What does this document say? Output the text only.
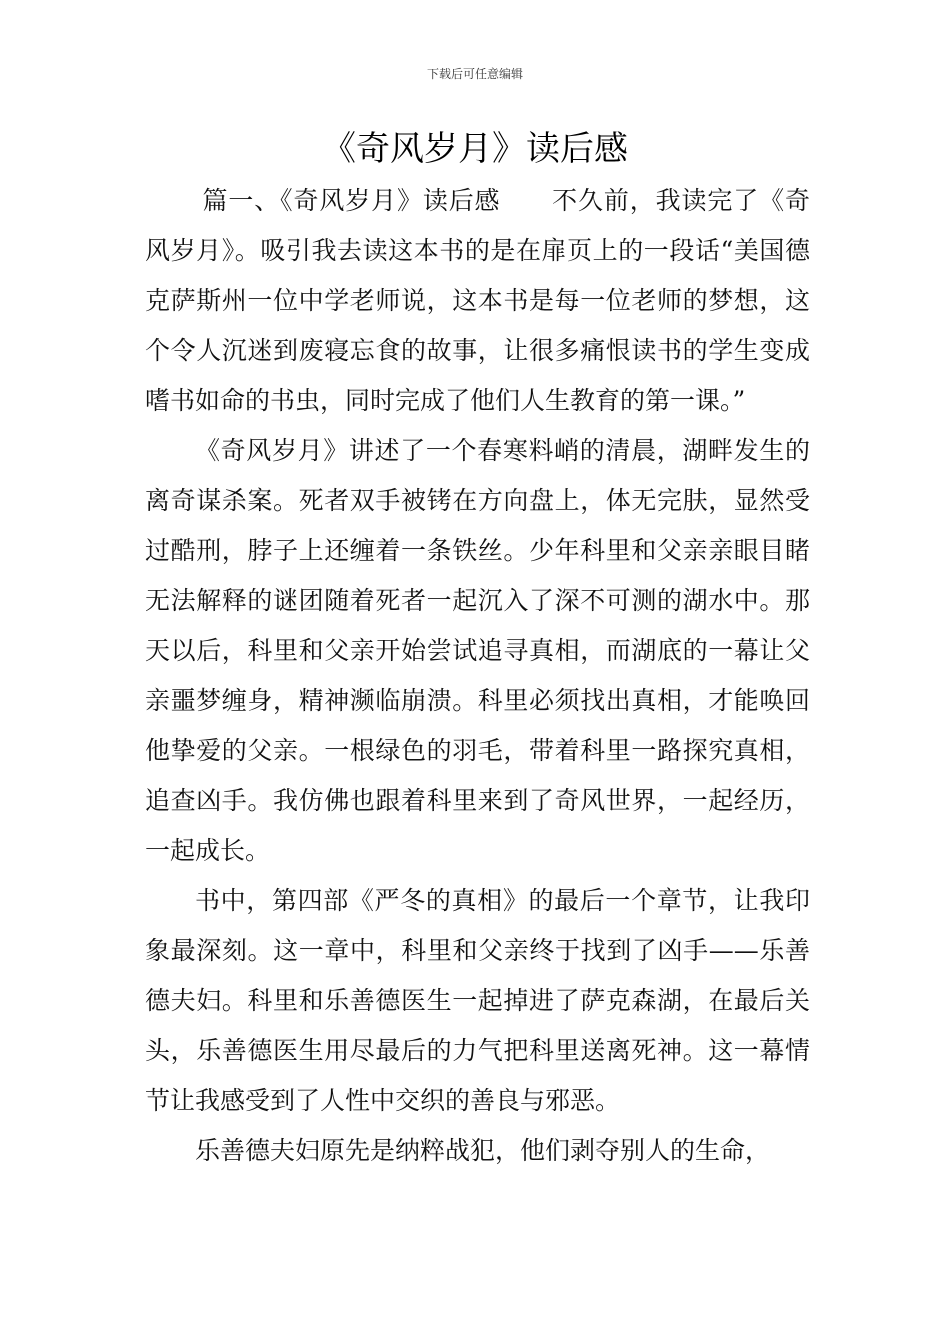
下载后可任意编辑
《奇风岁月》读后感

篇一、《奇风岁月》读后感　　不久前，我读完了《奇风岁月》。吸引我去读这本书的是在扉页上的一段话“美国德克萨斯州一位中学老师说，这本书是每一位老师的梦想，这个令人沉迷到废寝忘食的故事，让很多痛恨读书的学生变成嗜书如命的书虫，同时完成了他们人生教育的第一课。”

《奇风岁月》讲述了一个春寒料峭的清晨，湖畔发生的离奇谋杀案。死者双手被铐在方向盘上，体无完肤，显然受过酷刑，脖子上还缠着一条铁丝。少年科里和父亲亲眼目睹无法解释的谜团随着死者一起沉入了深不可测的湖水中。那天以后，科里和父亲开始尝试追寻真相，而湖底的一幕让父亲噩梦缠身，精神濒临崩溃。科里必须找出真相，才能唤回他挚爱的父亲。一根绿色的羽毛，带着科里一路探究真相，追查凶手。我仿佛也跟着科里来到了奇风世界，一起经历，一起成长。

书中，第四部《严冬的真相》的最后一个章节，让我印象最深刻。这一章中，科里和父亲终于找到了凶手——乐善德夫妇。科里和乐善德医生一起掉进了萨克森湖，在最后关头，乐善德医生用尽最后的力气把科里送离死神。这一幕情节让我感受到了人性中交织的善良与邪恶。

乐善德夫妇原先是纳粹战犯，他们剥夺别人的生命，
